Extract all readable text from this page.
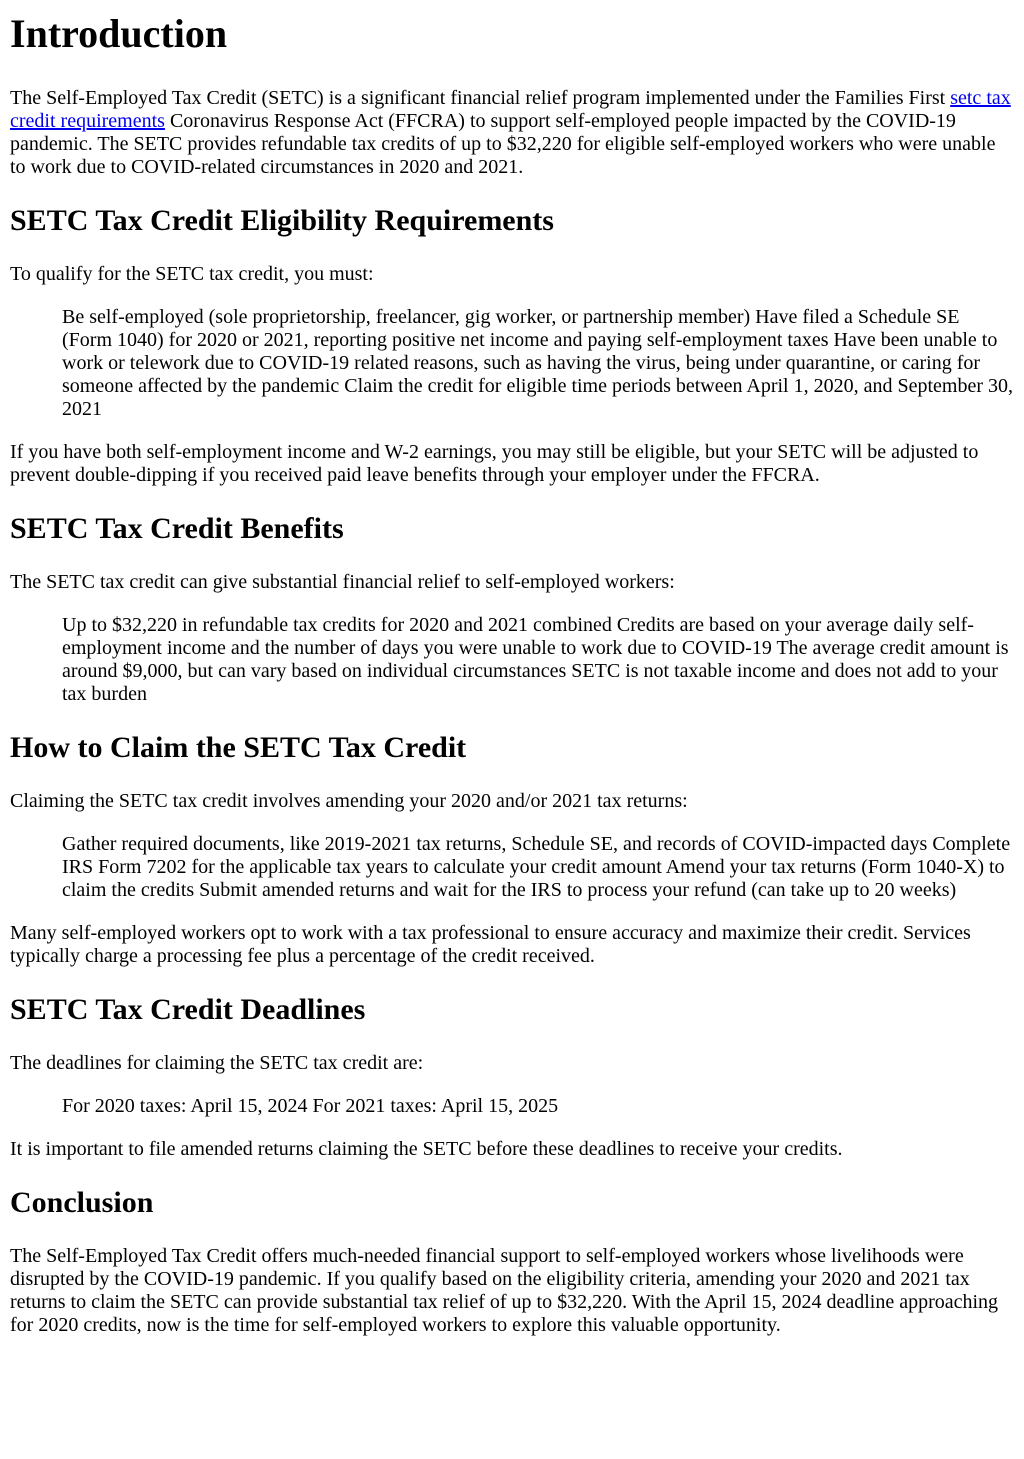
Introduction

The Self-Employed Tax Credit (SETC) is a significant financial relief program implemented under the Families First setc tax credit requirements Coronavirus Response Act (FFCRA) to support self-employed people impacted by the COVID-19 pandemic. The SETC provides refundable tax credits of up to $32,220 for eligible self-employed workers who were unable to work due to COVID-related circumstances in 2020 and 2021.

SETC Tax Credit Eligibility Requirements

To qualify for the SETC tax credit, you must:

Be self-employed (sole proprietorship, freelancer, gig worker, or partnership member) Have filed a Schedule SE (Form 1040) for 2020 or 2021, reporting positive net income and paying self-employment taxes Have been unable to work or telework due to COVID-19 related reasons, such as having the virus, being under quarantine, or caring for someone affected by the pandemic Claim the credit for eligible time periods between April 1, 2020, and September 30, 2021

If you have both self-employment income and W-2 earnings, you may still be eligible, but your SETC will be adjusted to prevent double-dipping if you received paid leave benefits through your employer under the FFCRA.

SETC Tax Credit Benefits

The SETC tax credit can give substantial financial relief to self-employed workers:

Up to $32,220 in refundable tax credits for 2020 and 2021 combined Credits are based on your average daily self-employment income and the number of days you were unable to work due to COVID-19 The average credit amount is around $9,000, but can vary based on individual circumstances SETC is not taxable income and does not add to your tax burden
How to Claim the SETC Tax Credit

Claiming the SETC tax credit involves amending your 2020 and/or 2021 tax returns:

Gather required documents, like 2019-2021 tax returns, Schedule SE, and records of COVID-impacted days Complete IRS Form 7202 for the applicable tax years to calculate your credit amount Amend your tax returns (Form 1040-X) to claim the credits Submit amended returns and wait for the IRS to process your refund (can take up to 20 weeks)

Many self-employed workers opt to work with a tax professional to ensure accuracy and maximize their credit. Services typically charge a processing fee plus a percentage of the credit received.

SETC Tax Credit Deadlines

The deadlines for claiming the SETC tax credit are:

For 2020 taxes: April 15, 2024 For 2021 taxes: April 15, 2025

It is important to file amended returns claiming the SETC before these deadlines to receive your credits.

Conclusion

The Self-Employed Tax Credit offers much-needed financial support to self-employed workers whose livelihoods were disrupted by the COVID-19 pandemic. If you qualify based on the eligibility criteria, amending your 2020 and 2021 tax returns to claim the SETC can provide substantial tax relief of up to $32,220. With the April 15, 2024 deadline approaching for 2020 credits, now is the time for self-employed workers to explore this valuable opportunity.
